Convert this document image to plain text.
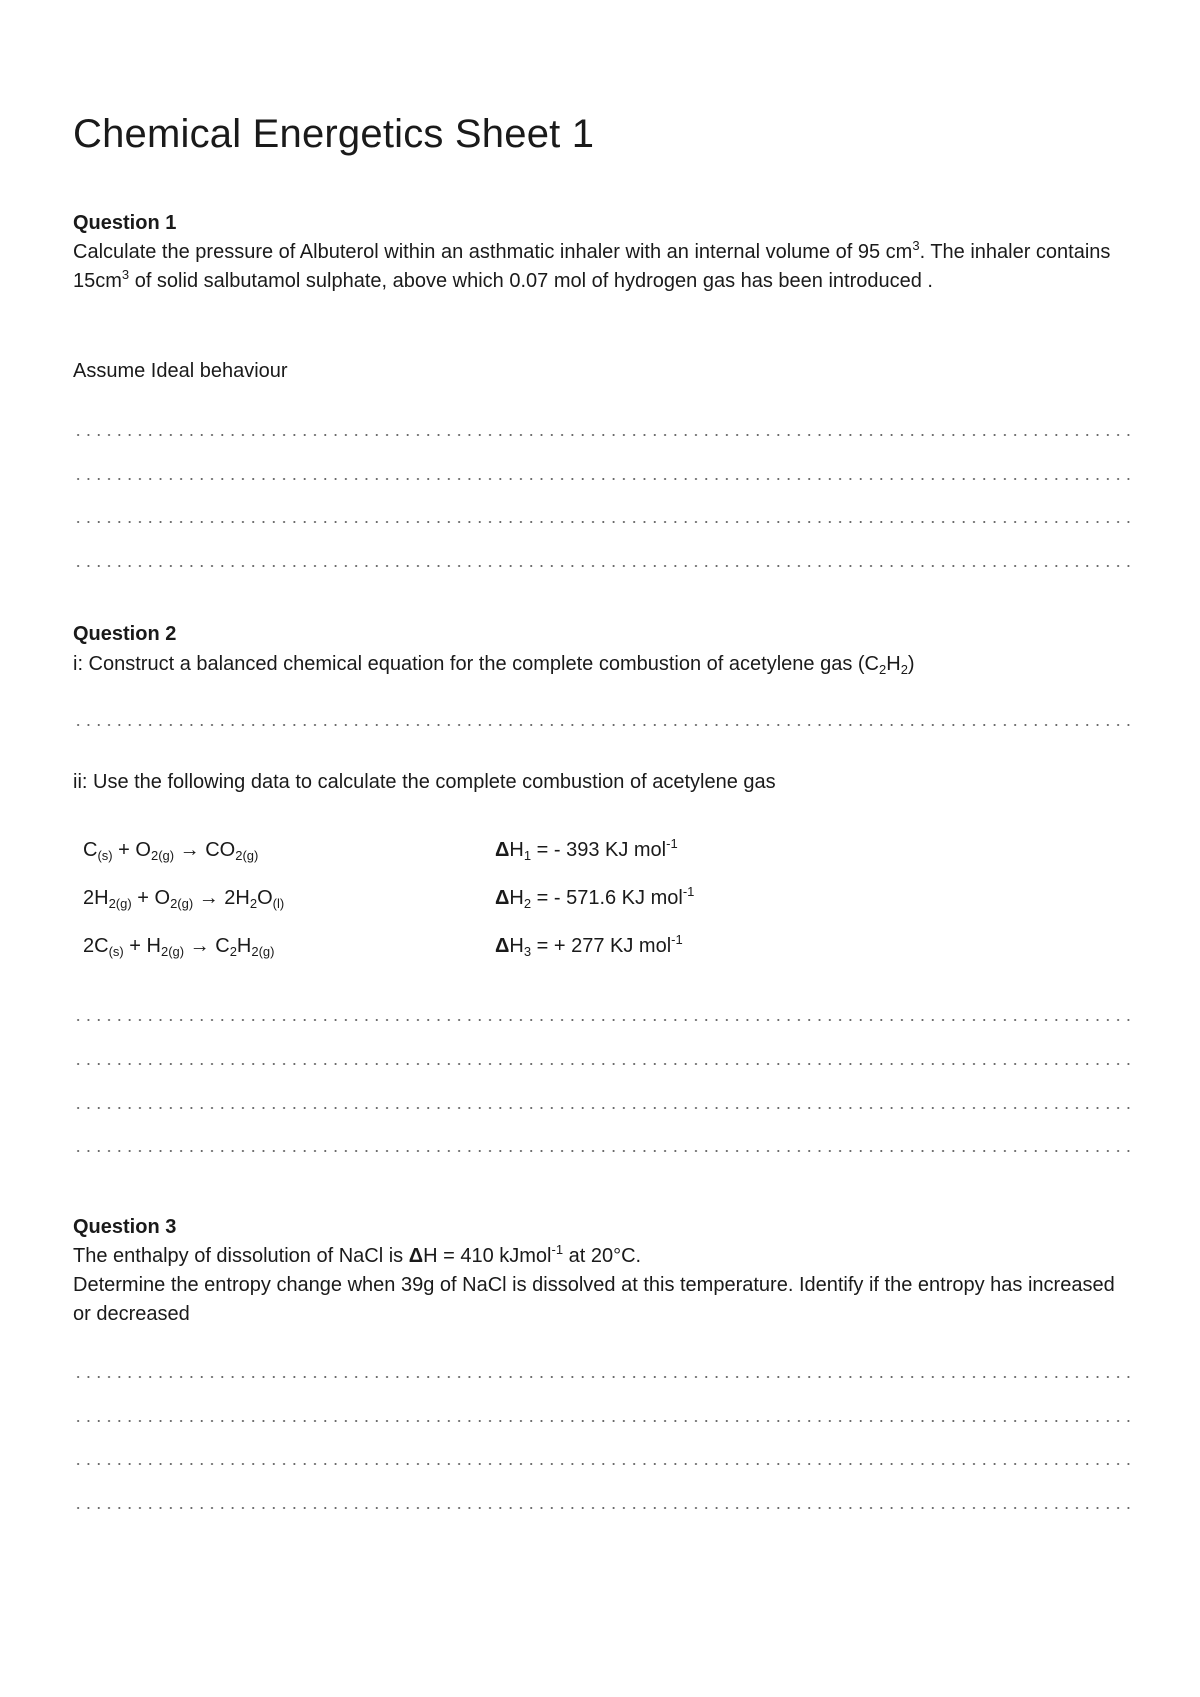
Chemical Energetics Sheet 1

Question 1

Calculate the pressure of Albuterol within an asthmatic inhaler with an internal volume of 95 $cm^3$. The inhaler contains $15cm^3$ of solid salbutamol sulphate, above which 0.07 mol of hydrogen gas has been introduced .

Assume Ideal behaviour

Question 2

i: Construct a balanced chemical equation for the complete combustion of acetylene gas $(C_2H_2)$

ii: Use the following data to calculate the complete combustion of acetylene gas

$C_{(s)} + O_{2(g)} \to CO_{2(g)}$	$\Delta H_1$ = - 393 KJ mol$^{-1}$
$2H_{2(g)} + O_{2(g)} \to 2H_2O_{(l)}$	$\Delta H_2$ = - 571.6 KJ mol$^{-1}$
$2C_{(s)} + H_{2(g)} \to C_2H_{2(g)}$	$\Delta H_3$ = + 277 KJ mol$^{-1}$

Question 3

The enthalpy of dissolution of NaCl is ΔH = 410 kJmol$^{-1}$ at 20°C.
Determine the entropy change when 39g of NaCl is dissolved at this temperature. Identify if the entropy has increased or decreased
